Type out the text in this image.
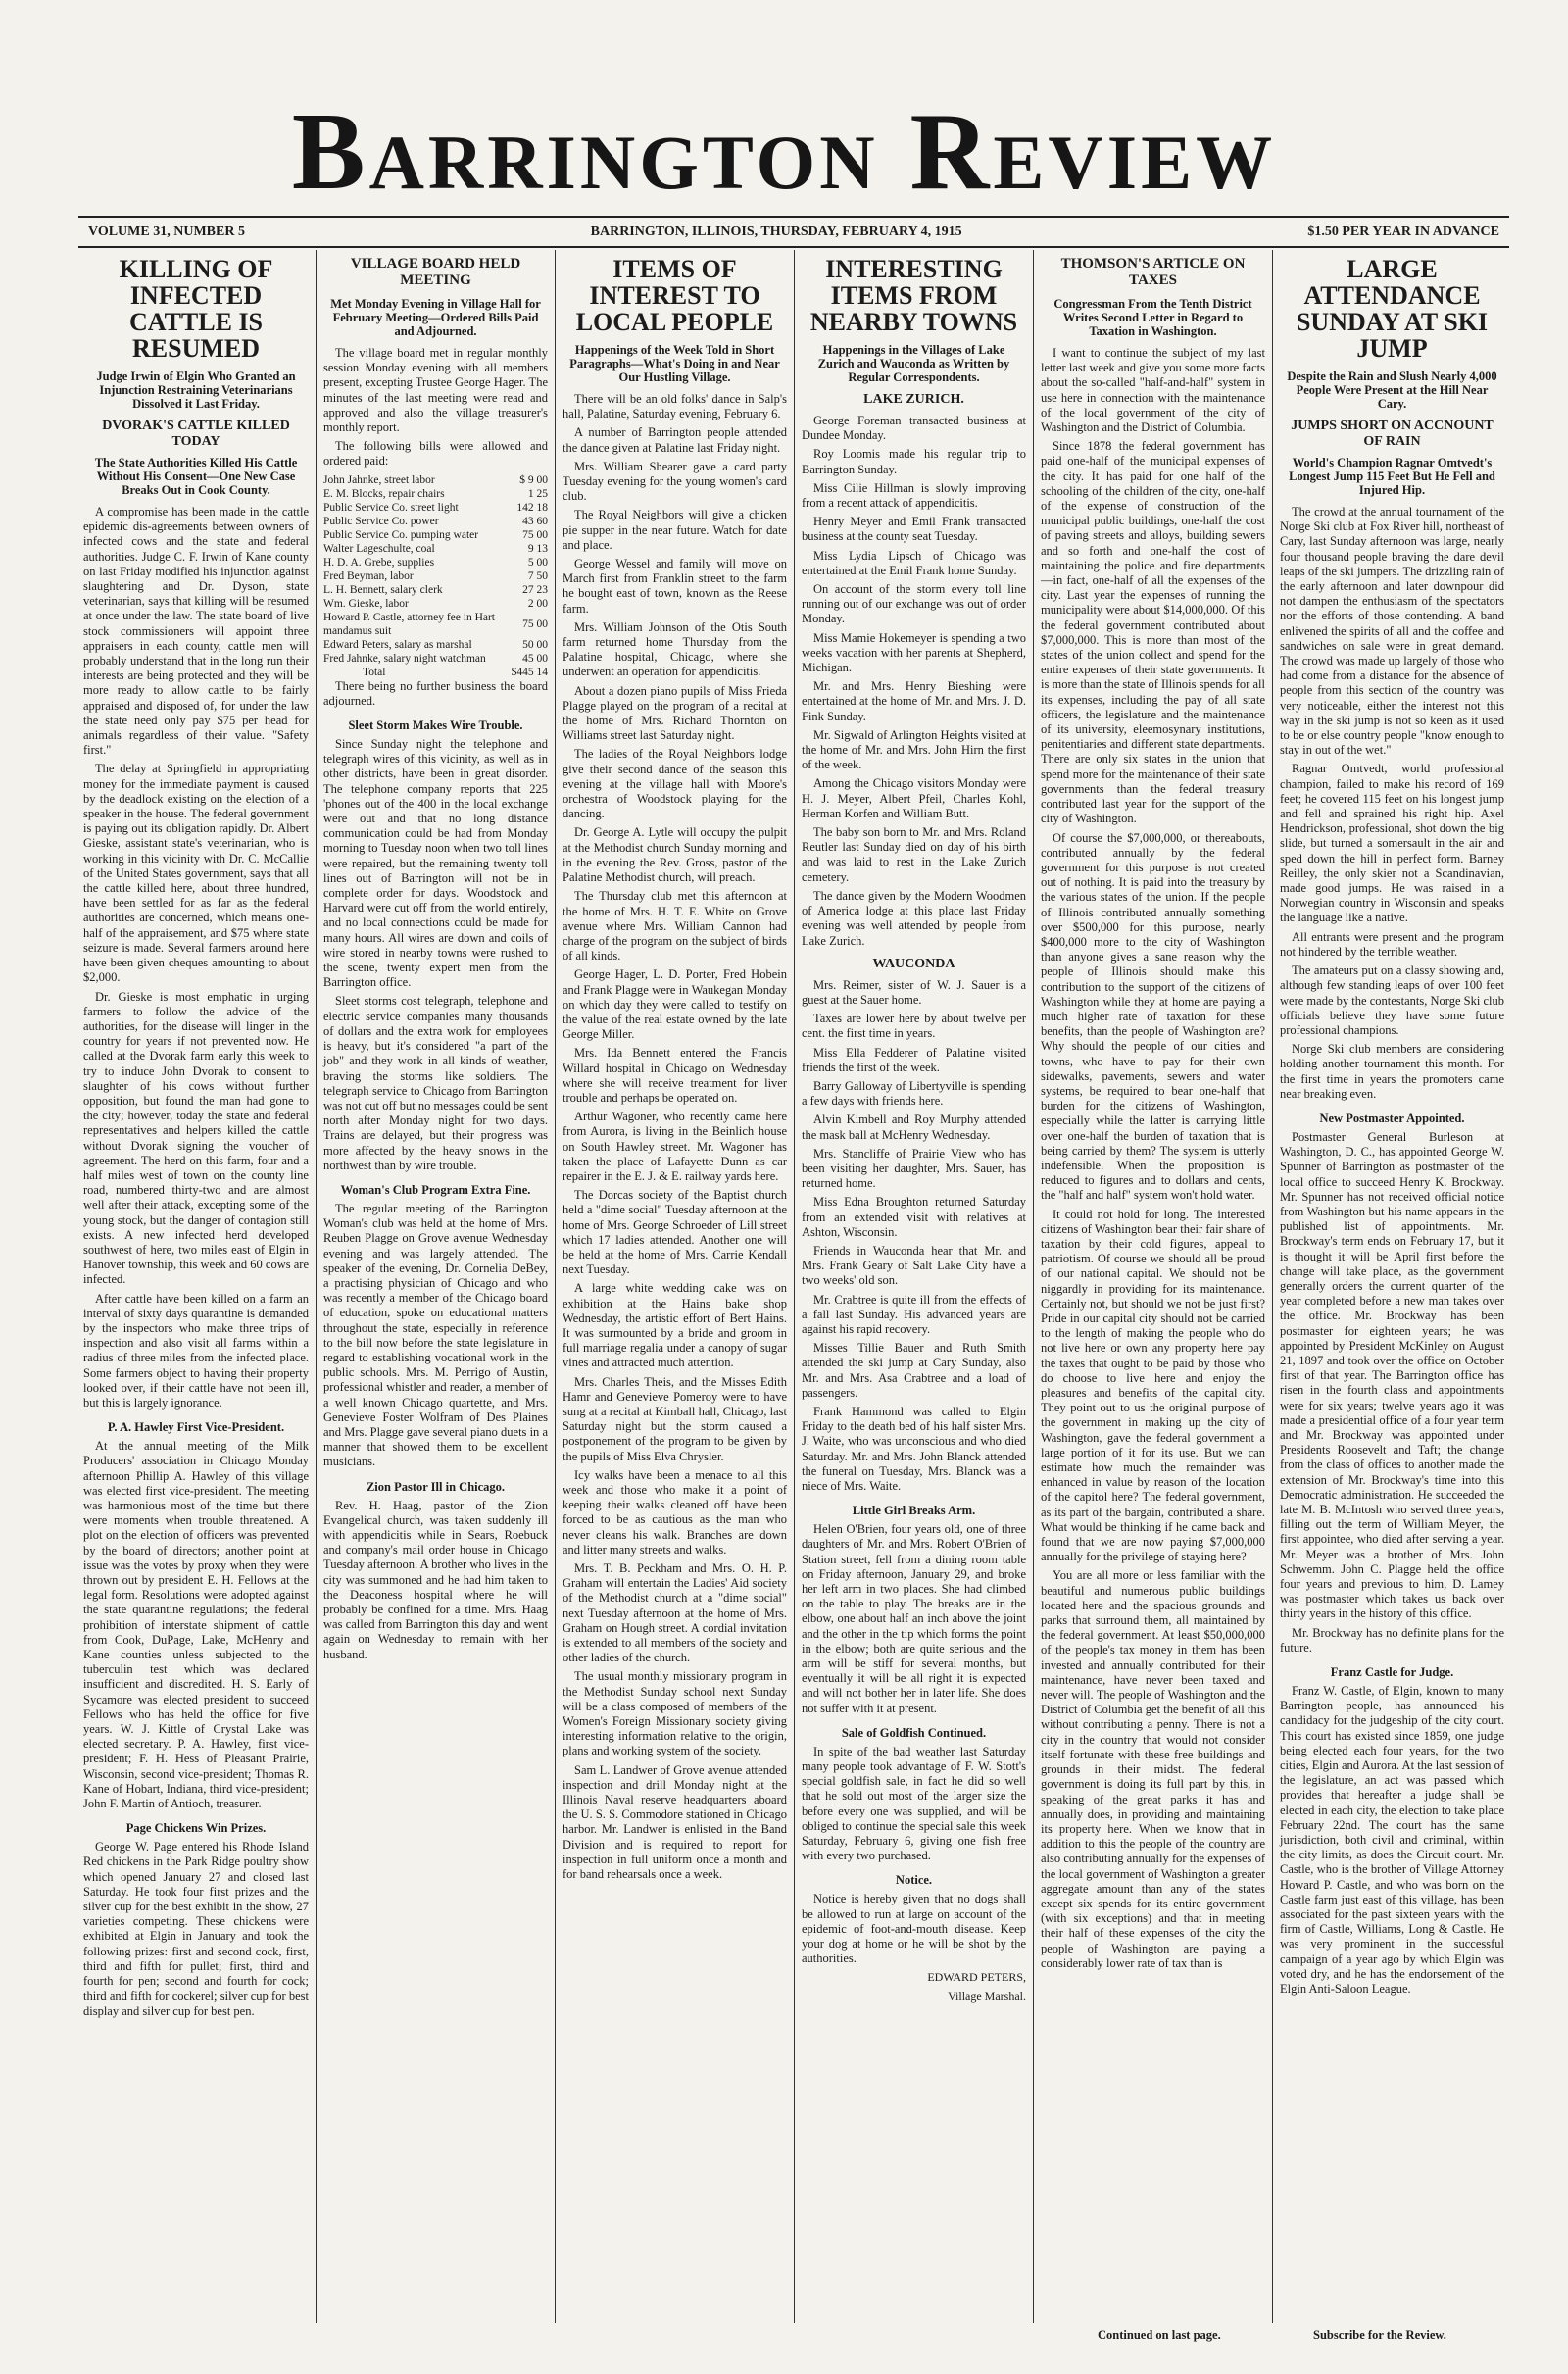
Barrington Review
VOLUME 31, NUMBER 5	BARRINGTON, ILLINOIS, THURSDAY, FEBRUARY 4, 1915	$1.50 PER YEAR IN ADVANCE
KILLING OF INFECTED CATTLE IS RESUMED
Judge Irwin of Elgin Who Granted an Injunction Restraining Veterinarians Dissolved it Last Friday.
DVORAK'S CATTLE KILLED TODAY
The State Authorities Killed His Cattle Without His Consent—One New Case Breaks Out in Cook County.

A compromise has been made in the cattle epidemic dis-agreements between owners of infected cows and the state and federal authorities. Judge C. F. Irwin of Kane county on last Friday modified his injunction against slaughtering and Dr. Dyson, state veterinarian, says that killing will be resumed at once under the law. The state board of live stock commissioners will appoint three appraisers in each county, cattle men will probably understand that in the long run their interests are being protected and they will be more ready to allow cattle to be fairly appraised and disposed of, for under the law the state need only pay $75 per head for animals regardless of their value. "Safety first."

The delay at Springfield in appropriating money for the immediate payment is caused by the deadlock existing on the election of a speaker in the house. The federal government is paying out its obligation rapidly. Dr. Albert Gieske, assistant state's veterinarian, who is working in this vicinity with Dr. C. McCallie of the United States government, says that all the cattle killed here, about three hundred, have been settled for as far as the federal authorities are concerned, which means one-half of the appraisement, and $75 where state seizure is made. Several farmers around here have been given cheques amounting to about $2,000.

Dr. Gieske is most emphatic in urging farmers to follow the advice of the authorities, for the disease will linger in the country for years if not prevented now. He called at the Dvorak farm early this week to try to induce John Dvorak to consent to slaughter of his cows without further opposition, but found the man had gone to the city; however, today the state and federal representatives and helpers killed the cattle without Dvorak signing the voucher of agreement. The herd on this farm, four and a half miles west of town on the county line road, numbered thirty-two and are almost well after their attack, excepting some of the young stock, but the danger of contagion still exists. A new infected herd developed southwest of here, two miles east of Elgin in Hanover township, this week and 60 cows are infected.

After cattle have been killed on a farm an interval of sixty days quarantine is demanded by the inspectors who make three trips of inspection and also visit all farms within a radius of three miles from the infected place. Some farmers object to having their property looked over, if their cattle have not been ill, but this is largely ignorance.

P. A. Hawley First Vice-President.

At the annual meeting of the Milk Producers' association in Chicago Monday afternoon Phillip A. Hawley of this village was elected first vice-president. The meeting was harmonious most of the time but there were moments when trouble threatened. A plot on the election of officers was prevented by the board of directors; another point at issue was the votes by proxy when they were thrown out by president E. H. Fellows at the legal form. Resolutions were adopted against the state quarantine regulations; the federal prohibition of interstate shipment of cattle from Cook, DuPage, Lake, McHenry and Kane counties unless subjected to the tuberculin test which was declared insufficient and discredited. H. S. Early of Sycamore was elected president to succeed Fellows who has held the office for five years. W. J. Kittle of Crystal Lake was elected secretary. P. A. Hawley, first vice-president; F. H. Hess of Pleasant Prairie, Wisconsin, second vice-president; Thomas R. Kane of Hobart, Indiana, third vice-president; John F. Martin of Antioch, treasurer.

Page Chickens Win Prizes.

George W. Page entered his Rhode Island Red chickens in the Park Ridge poultry show which opened January 27 and closed last Saturday. He took four first prizes and the silver cup for the best exhibit in the show, 27 varieties competing. These chickens were exhibited at Elgin in January and took the following prizes: first and second cock, first, third and fifth for pullet; first, third and fourth for pen; second and fourth for cock; third and fifth for cockerel; silver cup for best display and silver cup for best pen.

VILLAGE BOARD HELD MEETING
Met Monday Evening in Village Hall for February Meeting—Ordered Bills Paid and Adjourned.

The village board met in regular monthly session Monday evening with all members present, excepting Trustee George Hager. The minutes of the last meeting were read and approved and also the village treasurer's monthly report.

The following bills were allowed and ordered paid:

John Jahnke, street labor	$ 9 00
E. M. Blocks, repair chairs	1 25
Public Service Co. street light	142 18
Public Service Co. power	43 60
Public Service Co. pumping water	75 00
Walter Lageschulte, coal	9 13
H. D. A. Grebe, supplies	5 00
Fred Beyman, labor	7 50
L. H. Bennett, salary clerk	27 23
Wm. Gieske, labor	2 00
Howard P. Castle, attorney fee in Hart mandamus suit	75 00
Edward Peters, salary as marshal	50 00
Fred Jahnke, salary night watchman	45 00
Total	$445 14

There being no further business the board adjourned.

Sleet Storm Makes Wire Trouble.

Since Sunday night the telephone and telegraph wires of this vicinity, as well as in other districts, have been in great disorder. The telephone company reports that 225 'phones out of the 400 in the local exchange were out and that no long distance communication could be had from Monday morning to Tuesday noon when two toll lines were repaired, but the remaining twenty toll lines out of Barrington will not be in complete order for days. Woodstock and Harvard were cut off from the world entirely, and no local connections could be made for many hours. All wires are down and coils of wire stored in nearby towns were rushed to the scene, twenty expert men from the Barrington office.

Sleet storms cost telegraph, telephone and electric service companies many thousands of dollars and the extra work for employees is heavy, but it's considered "a part of the job" and they work in all kinds of weather, braving the storms like soldiers. The telegraph service to Chicago from Barrington was not cut off but no messages could be sent north after Monday night for two days. Trains are delayed, but their progress was more affected by the heavy snows in the northwest than by wire trouble.

Woman's Club Program Extra Fine.

The regular meeting of the Barrington Woman's club was held at the home of Mrs. Reuben Plagge on Grove avenue Wednesday evening and was largely attended. The speaker of the evening, Dr. Cornelia DeBey, a practising physician of Chicago and who was recently a member of the Chicago board of education, spoke on educational matters throughout the state, especially in reference to the bill now before the state legislature in regard to establishing vocational work in the public schools. Mrs. M. Perrigo of Austin, professional whistler and reader, a member of a well known Chicago quartette, and Mrs. Genevieve Foster Wolfram of Des Plaines and Mrs. Plagge gave several piano duets in a manner that showed them to be excellent musicians.

Zion Pastor Ill in Chicago.

Rev. H. Haag, pastor of the Zion Evangelical church, was taken suddenly ill with appendicitis while in Sears, Roebuck and company's mail order house in Chicago Tuesday afternoon. A brother who lives in the city was summoned and he had him taken to the Deaconess hospital where he will probably be confined for a time. Mrs. Haag was called from Barrington this day and went again on Wednesday to remain with her husband.

ITEMS OF INTEREST TO LOCAL PEOPLE
Happenings of the Week Told in Short Paragraphs—What's Doing in and Near Our Hustling Village.

There will be an old folks' dance in Salp's hall, Palatine, Saturday evening, February 6.

A number of Barrington people attended the dance given at Palatine last Friday night.

Mrs. William Shearer gave a card party Tuesday evening for the young women's card club.

The Royal Neighbors will give a chicken pie supper in the near future. Watch for date and place.

George Wessel and family will move on March first from Franklin street to the farm he bought east of town, known as the Reese farm.

Mrs. William Johnson of the Otis South farm returned home Thursday from the Palatine hospital, Chicago, where she underwent an operation for appendicitis.

About a dozen piano pupils of Miss Frieda Plagge played on the program of a recital at the home of Mrs. Richard Thornton on Williams street last Saturday night.

The ladies of the Royal Neighbors lodge give their second dance of the season this evening at the village hall with Moore's orchestra of Woodstock playing for the dancing.

Dr. George A. Lytle will occupy the pulpit at the Methodist church Sunday morning and in the evening the Rev. Gross, pastor of the Palatine Methodist church, will preach.

The Thursday club met this afternoon at the home of Mrs. H. T. E. White on Grove avenue where Mrs. William Cannon had charge of the program on the subject of birds of all kinds.

George Hager, L. D. Porter, Fred Hobein and Frank Plagge were in Waukegan Monday on which day they were called to testify on the value of the real estate owned by the late George Miller.

Mrs. Ida Bennett entered the Francis Willard hospital in Chicago on Wednesday where she will receive treatment for liver trouble and perhaps be operated on.

Arthur Wagoner, who recently came here from Aurora, is living in the Beinlich house on South Hawley street. Mr. Wagoner has taken the place of Lafayette Dunn as car repairer in the E. J. & E. railway yards here.

The Dorcas society of the Baptist church held a "dime social" Tuesday afternoon at the home of Mrs. George Schroeder of Lill street which 17 ladies attended. Another one will be held at the home of Mrs. Carrie Kendall next Tuesday.

A large white wedding cake was on exhibition at the Hains bake shop Wednesday, the artistic effort of Bert Hains. It was surmounted by a bride and groom in full marriage regalia under a canopy of sugar vines and attracted much attention.

Mrs. Charles Theis, and the Misses Edith Hamr and Genevieve Pomeroy were to have sung at a recital at Kimball hall, Chicago, last Saturday night but the storm caused a postponement of the program to be given by the pupils of Miss Elva Chrysler.

Icy walks have been a menace to all this week and those who make it a point of keeping their walks cleaned off have been forced to be as cautious as the man who never cleans his walk. Branches are down and litter many streets and walks.

Mrs. T. B. Peckham and Mrs. O. H. P. Graham will entertain the Ladies' Aid society of the Methodist church at a "dime social" next Tuesday afternoon at the home of Mrs. Graham on Hough street. A cordial invitation is extended to all members of the society and other ladies of the church.

The usual monthly missionary program in the Methodist Sunday school next Sunday will be a class composed of members of the Women's Foreign Missionary society giving interesting information relative to the origin, plans and working system of the society.

Sam L. Landwer of Grove avenue attended inspection and drill Monday night at the Illinois Naval reserve headquarters aboard the U. S. S. Commodore stationed in Chicago harbor. Mr. Landwer is enlisted in the Band Division and is required to report for inspection in full uniform once a month and for band rehearsals once a week.

INTERESTING ITEMS FROM NEARBY TOWNS
Happenings in the Villages of Lake Zurich and Wauconda as Written by Regular Correspondents.
LAKE ZURICH.

George Foreman transacted business at Dundee Monday.

Roy Loomis made his regular trip to Barrington Sunday.

Miss Cilie Hillman is slowly improving from a recent attack of appendicitis.

Henry Meyer and Emil Frank transacted business at the county seat Tuesday.

Miss Lydia Lipsch of Chicago was entertained at the Emil Frank home Sunday.

On account of the storm every toll line running out of our exchange was out of order Monday.

Miss Mamie Hokemeyer is spending a two weeks vacation with her parents at Shepherd, Michigan.

Mr. and Mrs. Henry Bieshing were entertained at the home of Mr. and Mrs. J. D. Fink Sunday.

Mr. Sigwald of Arlington Heights visited at the home of Mr. and Mrs. John Hirn the first of the week.

Among the Chicago visitors Monday were H. J. Meyer, Albert Pfeil, Charles Kohl, Herman Korfen and William Butt.

The baby son born to Mr. and Mrs. Roland Reutler last Sunday died on day of his birth and was laid to rest in the Lake Zurich cemetery.

The dance given by the Modern Woodmen of America lodge at this place last Friday evening was well attended by people from Lake Zurich.

WAUCONDA

Mrs. Reimer, sister of W. J. Sauer is a guest at the Sauer home.

Taxes are lower here by about twelve per cent. the first time in years.

Miss Ella Fedderer of Palatine visited friends the first of the week.

Barry Galloway of Libertyville is spending a few days with friends here.

Alvin Kimbell and Roy Murphy attended the mask ball at McHenry Wednesday.

Mrs. Stancliffe of Prairie View who has been visiting her daughter, Mrs. Sauer, has returned home.

Miss Edna Broughton returned Saturday from an extended visit with relatives at Ashton, Wisconsin.

Friends in Wauconda hear that Mr. and Mrs. Frank Geary of Salt Lake City have a two weeks' old son.

Mr. Crabtree is quite ill from the effects of a fall last Sunday. His advanced years are against his rapid recovery.

Misses Tillie Bauer and Ruth Smith attended the ski jump at Cary Sunday, also Mr. and Mrs. Asa Crabtree and a load of passengers.

Frank Hammond was called to Elgin Friday to the death bed of his half sister Mrs. J. Waite, who was unconscious and who died Saturday. Mr. and Mrs. John Blanck attended the funeral on Tuesday, Mrs. Blanck was a niece of Mrs. Waite.

Little Girl Breaks Arm.

Helen O'Brien, four years old, one of three daughters of Mr. and Mrs. Robert O'Brien of Station street, fell from a dining room table on Friday afternoon, January 29, and broke her left arm in two places. She had climbed on the table to play. The breaks are in the elbow, one about half an inch above the joint and the other in the tip which forms the point in the elbow; both are quite serious and the arm will be stiff for several months, but eventually it will be all right it is expected and will not bother her in later life. She does not suffer with it at present.

Sale of Goldfish Continued.

In spite of the bad weather last Saturday many people took advantage of F. W. Stott's special goldfish sale, in fact he did so well that he sold out most of the larger size the before every one was supplied, and will be obliged to continue the special sale this week Saturday, February 6, giving one fish free with every two purchased.

Notice.

Notice is hereby given that no dogs shall be allowed to run at large on account of the epidemic of foot-and-mouth disease. Keep your dog at home or he will be shot by the authorities.

EDWARD PETERS,
Village Marshal.
THOMSON'S ARTICLE ON TAXES
Congressman From the Tenth District Writes Second Letter in Regard to Taxation in Washington.

I want to continue the subject of my last letter last week and give you some more facts about the so-called "half-and-half" system in use here in connection with the maintenance of the local government of the city of Washington and the District of Columbia.

Since 1878 the federal government has paid one-half of the municipal expenses of the city. It has paid for one half of the schooling of the children of the city, one-half of the expense of construction of the municipal public buildings, one-half the cost of paving streets and alloys, building sewers and so forth and one-half the cost of maintaining the police and fire departments—in fact, one-half of all the expenses of the city. Last year the expenses of running the municipality were about $14,000,000. Of this the federal government contributed about $7,000,000. This is more than most of the states of the union collect and spend for the entire expenses of their state governments. It is more than the state of Illinois spends for all its expenses, including the pay of all state officers, the legislature and the maintenance of its university, eleemosynary institutions, penitentiaries and different state departments. There are only six states in the union that spend more for the maintenance of their state governments than the federal treasury contributed last year for the support of the city of Washington.

Of course the $7,000,000, or thereabouts, contributed annually by the federal government for this purpose is not created out of nothing. It is paid into the treasury by the various states of the union. If the people of Illinois contributed annually something over $500,000 for this purpose, nearly $400,000 more to the city of Washington than anyone gives a sane reason why the people of Illinois should make this contribution to the support of the citizens of Washington while they at home are paying a much higher rate of taxation for these benefits, than the people of Washington are? Why should the people of our cities and towns, who have to pay for their own sidewalks, pavements, sewers and water systems, be required to bear one-half that burden for the citizens of Washington, especially while the latter is carrying little over one-half the burden of taxation that is being carried by them? The system is utterly indefensible. When the proposition is reduced to figures and to dollars and cents, the "half and half" system won't hold water.

It could not hold for long. The interested citizens of Washington bear their fair share of taxation by their cold figures, appeal to patriotism. Of course we should all be proud of our national capital. We should not be niggardly in providing for its maintenance. Certainly not, but should we not be just first? Pride in our capital city should not be carried to the length of making the people who do not live here or own any property here pay the taxes that ought to be paid by those who do choose to live here and enjoy the pleasures and benefits of the capital city. They point out to us the original purpose of the government in making up the city of Washington, gave the federal government a large portion of it for its use. But we can estimate how much the remainder was enhanced in value by reason of the location of the capitol here? The federal government, as its part of the bargain, contributed a share. What would be thinking if he came back and found that we are now paying $7,000,000 annually for the privilege of staying here?

You are all more or less familiar with the beautiful and numerous public buildings located here and the spacious grounds and parks that surround them, all maintained by the federal government. At least $50,000,000 of the people's tax money in them has been invested and annually contributed for their maintenance, have never been taxed and never will. The people of Washington and the District of Columbia get the benefit of all this without contributing a penny. There is not a city in the country that would not consider itself fortunate with these free buildings and grounds in their midst. The federal government is doing its full part by this, in speaking of the great parks it has and annually does, in providing and maintaining its property here. When we know that in addition to this the people of the country are also contributing annually for the expenses of the local government of Washington a greater aggregate amount than any of the states except six spends for its entire government (with six exceptions) and that in meeting their half of these expenses of the city the people of Washington are paying a considerably lower rate of tax than is

LARGE ATTENDANCE SUNDAY AT SKI JUMP
Despite the Rain and Slush Nearly 4,000 People Were Present at the Hill Near Cary.
JUMPS SHORT ON ACCNOUNT OF RAIN
World's Champion Ragnar Omtvedt's Longest Jump 115 Feet But He Fell and Injured Hip.

The crowd at the annual tournament of the Norge Ski club at Fox River hill, northeast of Cary, last Sunday afternoon was large, nearly four thousand people braving the dare devil leaps of the ski jumpers. The drizzling rain of the early afternoon and later downpour did not dampen the enthusiasm of the spectators nor the efforts of those contending. A band enlivened the spirits of all and the coffee and sandwiches on sale were in great demand. The crowd was made up largely of those who had come from a distance for the absence of people from this section of the country was very noticeable, either the interest not this way in the ski jump is not so keen as it used to be or else country people "know enough to stay in out of the wet."

Ragnar Omtvedt, world professional champion, failed to make his record of 169 feet; he covered 115 feet on his longest jump and fell and sprained his right hip. Axel Hendrickson, professional, shot down the big slide, but turned a somersault in the air and sped down the hill in perfect form. Barney Reilley, the only skier not a Scandinavian, made good jumps. He was raised in a Norwegian country in Wisconsin and speaks the language like a native.

All entrants were present and the program not hindered by the terrible weather.

The amateurs put on a classy showing and, although few standing leaps of over 100 feet were made by the contestants, Norge Ski club officials believe they have some future professional champions.

Norge Ski club members are considering holding another tournament this month. For the first time in years the promoters came near breaking even.

New Postmaster Appointed.

Postmaster General Burleson at Washington, D. C., has appointed George W. Spunner of Barrington as postmaster of the local office to succeed Henry K. Brockway. Mr. Spunner has not received official notice from Washington but his name appears in the published list of appointments. Mr. Brockway's term ends on February 17, but it is thought it will be April first before the change will take place, as the government generally orders the current quarter of the year completed before a new man takes over the office. Mr. Brockway has been postmaster for eighteen years; he was appointed by President McKinley on August 21, 1897 and took over the office on October first of that year. The Barrington office has risen in the fourth class and appointments were for six years; twelve years ago it was made a presidential office of a four year term and Mr. Brockway was appointed under Presidents Roosevelt and Taft; the change from the class of offices to another made the extension of Mr. Brockway's time into this Democratic administration. He succeeded the late M. B. McIntosh who served three years, filling out the term of William Meyer, the first appointee, who died after serving a year. Mr. Meyer was a brother of Mrs. John Schwemm. John C. Plagge held the office four years and previous to him, D. Lamey was postmaster which takes us back over thirty years in the history of this office.

Mr. Brockway has no definite plans for the future.

Franz Castle for Judge.

Franz W. Castle, of Elgin, known to many Barrington people, has announced his candidacy for the judgeship of the city court. This court has existed since 1859, one judge being elected each four years, for the two cities, Elgin and Aurora. At the last session of the legislature, an act was passed which provides that hereafter a judge shall be elected in each city, the election to take place February 22nd. The court has the same jurisdiction, both civil and criminal, within the city limits, as does the Circuit court. Mr. Castle, who is the brother of Village Attorney Howard P. Castle, and who was born on the Castle farm just east of this village, has been associated for the past sixteen years with the firm of Castle, Williams, Long & Castle. He was very prominent in the successful campaign of a year ago by which Elgin was voted dry, and he has the endorsement of the Elgin Anti-Saloon League.

Continued on last page.	Subscribe for the Review.
